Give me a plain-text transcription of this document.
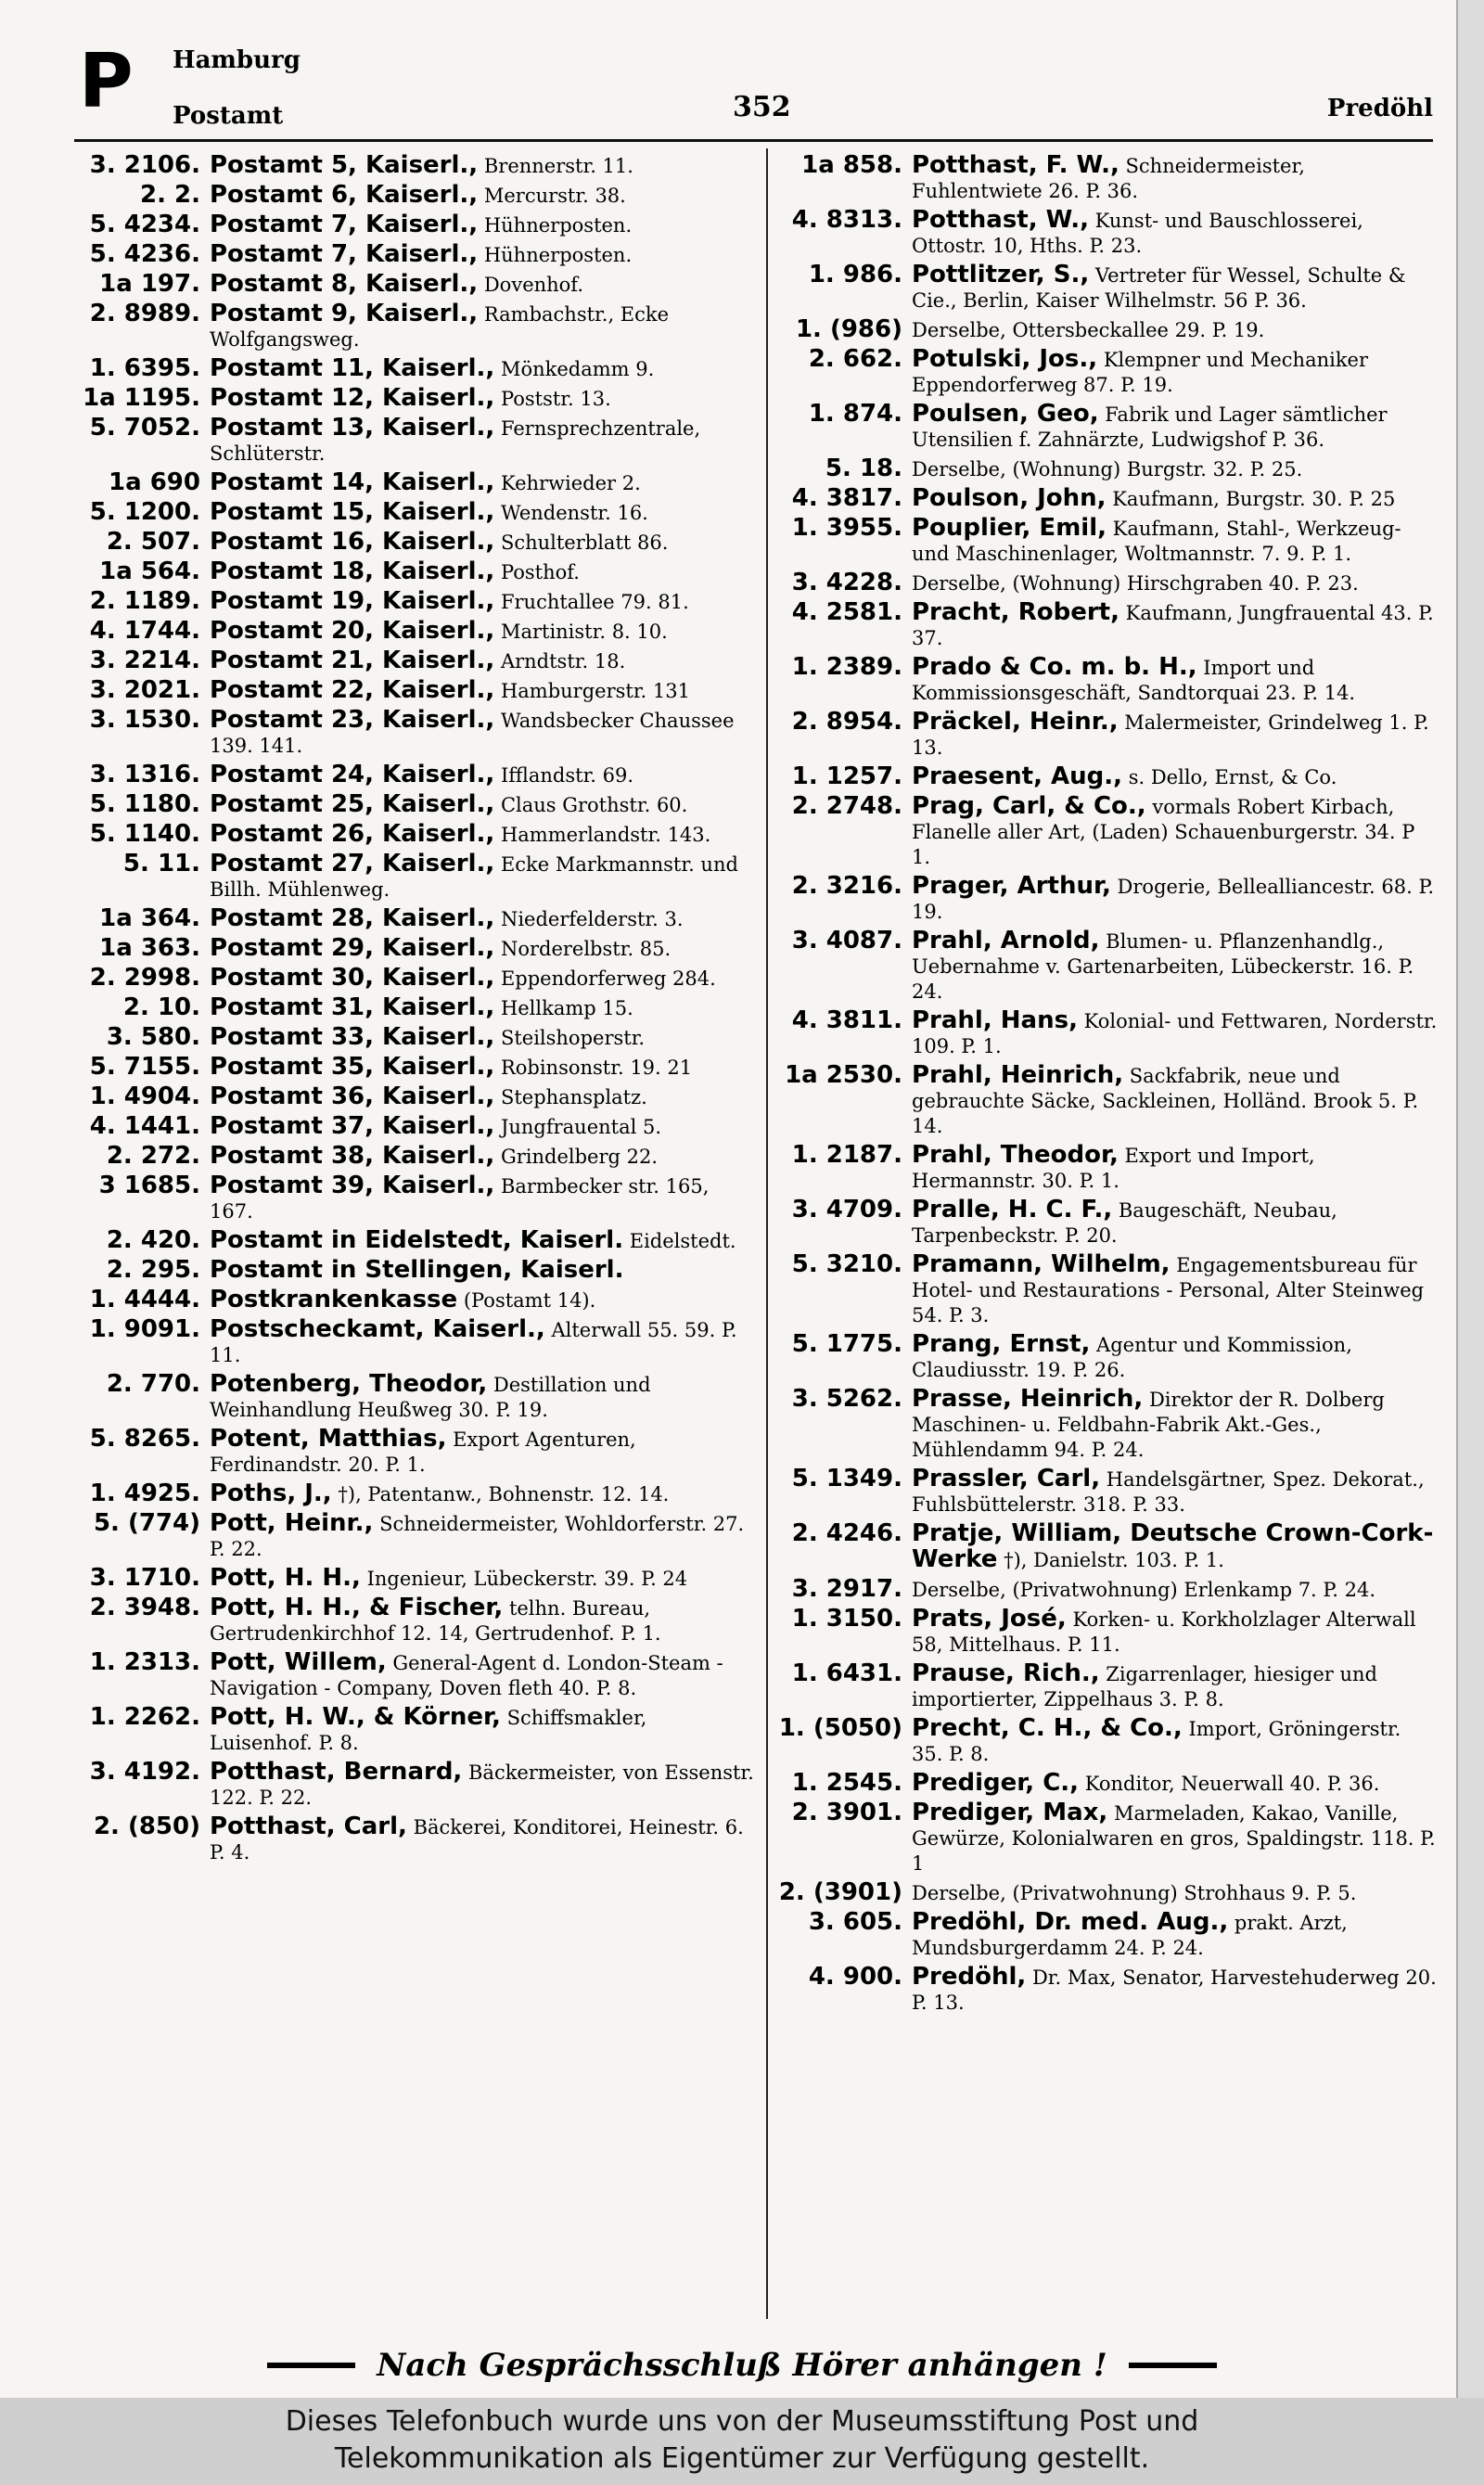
P Hamburg
Postamt	352	Predöhl
3. 2106. Postamt 5, Kaiserl., Brennerstr. 11.
2. 2. Postamt 6, Kaiserl., Mercurstr. 38.
5. 4234. Postamt 7, Kaiserl., Hühnerposten.
5. 4236. Postamt 7, Kaiserl., Hühnerposten.
1a 197. Postamt 8, Kaiserl., Dovenhof.
2. 8989. Postamt 9, Kaiserl., Rambachstr., Ecke Wolfgangsweg.
1. 6395. Postamt 11, Kaiserl., Mönkedamm 9.
1a 1195. Postamt 12, Kaiserl., Poststr. 13.
5. 7052. Postamt 13, Kaiserl., Fernsprechzentrale, Schlüterstr.
1a 690 Postamt 14, Kaiserl., Kehrwieder 2.
5. 1200. Postamt 15, Kaiserl., Wendenstr. 16.
2. 507. Postamt 16, Kaiserl., Schulterblatt 86.
1a 564. Postamt 18, Kaiserl., Posthof.
2. 1189. Postamt 19, Kaiserl., Fruchtallee 79. 81.
4. 1744. Postamt 20, Kaiserl., Martinistr. 8. 10.
3. 2214. Postamt 21, Kaiserl., Arndtstr. 18.
3. 2021. Postamt 22, Kaiserl., Hamburgerstr. 131
3. 1530. Postamt 23, Kaiserl., Wandsbecker Chaussee 139. 141.
3. 1316. Postamt 24, Kaiserl., Ifflandstr. 69.
5. 1180. Postamt 25, Kaiserl., Claus Grothstr. 60.
5. 1140. Postamt 26, Kaiserl., Hammerlandstr. 143.
5. 11. Postamt 27, Kaiserl., Ecke Markmannstr. und Billh. Mühlenweg.
1a 364. Postamt 28, Kaiserl., Niederfelderstr. 3.
1a 363. Postamt 29, Kaiserl., Norderelbstr. 85.
2. 2998. Postamt 30, Kaiserl., Eppendorferweg 284.
2. 10. Postamt 31, Kaiserl., Hellkamp 15.
3. 580. Postamt 33, Kaiserl., Steilshoperstr.
5. 7155. Postamt 35, Kaiserl., Robinsonstr. 19. 21
1. 4904. Postamt 36, Kaiserl., Stephansplatz.
4. 1441. Postamt 37, Kaiserl., Jungfrauental 5.
2. 272. Postamt 38, Kaiserl., Grindelberg 22.
3 1685. Postamt 39, Kaiserl., Barmbecker str. 165, 167.
2. 420. Postamt in Eidelstedt, Kaiserl. Eidelstedt.
2. 295. Postamt in Stellingen, Kaiserl.
1. 4444. Postkrankenkasse (Postamt 14).
1. 9091. Postscheckamt, Kaiserl., Alterwall 55. 59. P. 11.
2. 770. Potenberg, Theodor, Destillation und Weinhandlung Heußweg 30. P. 19.
5. 8265. Potent, Matthias, Export Agenturen, Ferdinandstr. 20. P. 1.
1. 4925. Poths, J., †), Patentanw., Bohnenstr. 12. 14.
5. (774) Pott, Heinr., Schneidermeister, Wohldorferstr. 27. P. 22.
3. 1710. Pott, H. H., Ingenieur, Lübeckerstr. 39. P. 24
2. 3948. Pott, H. H., & Fischer, telhn. Bureau, Gertrudenkirchhof 12. 14, Gertrudenhof. P. 1.
1. 2313. Pott, Willem, General-Agent d. London-Steam - Navigation - Company, Doven fleth 40. P. 8.
1. 2262. Pott, H. W., & Körner, Schiffsmakler, Luisenhof. P. 8.
3. 4192. Potthast, Bernard, Bäckermeister, von Essenstr. 122. P. 22.
2. (850) Potthast, Carl, Bäckerei, Konditorei, Heinestr. 6. P. 4.
1a 858. Potthast, F. W., Schneidermeister, Fuhlentwiete 26. P. 36.
4. 8313. Potthast, W., Kunst- und Bauschlosserei, Ottostr. 10, Hths. P. 23.
1. 986. Pottlitzer, S., Vertreter für Wessel, Schulte & Cie., Berlin, Kaiser Wilhelmstr. 56 P. 36.
1. (986) Derselbe, Ottersbeckallee 29. P. 19.
2. 662. Potulski, Jos., Klempner und Mechaniker Eppendorferweg 87. P. 19.
1. 874. Poulsen, Geo, Fabrik und Lager sämtlicher Utensilien f. Zahnärzte, Ludwigshof P. 36.
5. 18. Derselbe, (Wohnung) Burgstr. 32. P. 25.
4. 3817. Poulson, John, Kaufmann, Burgstr. 30. P. 25
1. 3955. Pouplier, Emil, Kaufmann, Stahl-, Werkzeug- und Maschinenlager, Woltmannstr. 7. 9. P. 1.
3. 4228. Derselbe, (Wohnung) Hirschgraben 40. P. 23.
4. 2581. Pracht, Robert, Kaufmann, Jungfrauental 43. P. 37.
1. 2389. Prado & Co. m. b. H., Import und Kommissionsgeschäft, Sandtorquai 23. P. 14.
2. 8954. Präckel, Heinr., Malermeister, Grindelweg 1. P. 13.
1. 1257. Praesent, Aug., s. Dello, Ernst, & Co.
2. 2748. Prag, Carl, & Co., vormals Robert Kirbach, Flanelle aller Art, (Laden) Schauenburgerstr. 34. P 1.
2. 3216. Prager, Arthur, Drogerie, Bellealliancestr. 68. P. 19.
3. 4087. Prahl, Arnold, Blumen- u. Pflanzenhandlg., Uebernahme v. Gartenarbeiten, Lübeckerstr. 16. P. 24.
4. 3811. Prahl, Hans, Kolonial- und Fettwaren, Norderstr. 109. P. 1.
1a 2530. Prahl, Heinrich, Sackfabrik, neue und gebrauchte Säcke, Sackleinen, Holländ. Brook 5. P. 14.
1. 2187. Prahl, Theodor, Export und Import, Hermannstr. 30. P. 1.
3. 4709. Pralle, H. C. F., Baugeschäft, Neubau, Tarpenbeckstr. P. 20.
5. 3210. Pramann, Wilhelm, Engagementsbureau für Hotel- und Restaurations - Personal, Alter Steinweg 54. P. 3.
5. 1775. Prang, Ernst, Agentur und Kommission, Claudiusstr. 19. P. 26.
3. 5262. Prasse, Heinrich, Direktor der R. Dolberg Maschinen- u. Feldbahn-Fabrik Akt.-Ges., Mühlendamm 94. P. 24.
5. 1349. Prassler, Carl, Handelsgärtner, Spez. Dekorat., Fuhlsbüttelerstr. 318. P. 33.
2. 4246. Pratje, William, Deutsche Crown-Cork-Werke †), Danielstr. 103. P. 1.
3. 2917. Derselbe, (Privatwohnung) Erlenkamp 7. P. 24.
1. 3150. Prats, José, Korken- u. Korkholzlager Alterwall 58, Mittelhaus. P. 11.
1. 6431. Prause, Rich., Zigarrenlager, hiesiger und importierter, Zippelhaus 3. P. 8.
1. (5050) Precht, C. H., & Co., Import, Gröningerstr. 35. P. 8.
1. 2545. Prediger, C., Konditor, Neuerwall 40. P. 36.
2. 3901. Prediger, Max, Marmeladen, Kakao, Vanille, Gewürze, Kolonialwaren en gros, Spaldingstr. 118. P. 1
2. (3901) Derselbe, (Privatwohnung) Strohhaus 9. P. 5.
3. 605. Predöhl, Dr. med. Aug., prakt. Arzt, Mundsburgerdamm 24. P. 24.
4. 900. Predöhl, Dr. Max, Senator, Harvestehuderweg 20. P. 13.
Nach Gesprächsschluß Hörer anhängen !
Dieses Telefonbuch wurde uns von der Museumsstiftung Post und
Telekommunikation als Eigentümer zur Verfügung gestellt.
